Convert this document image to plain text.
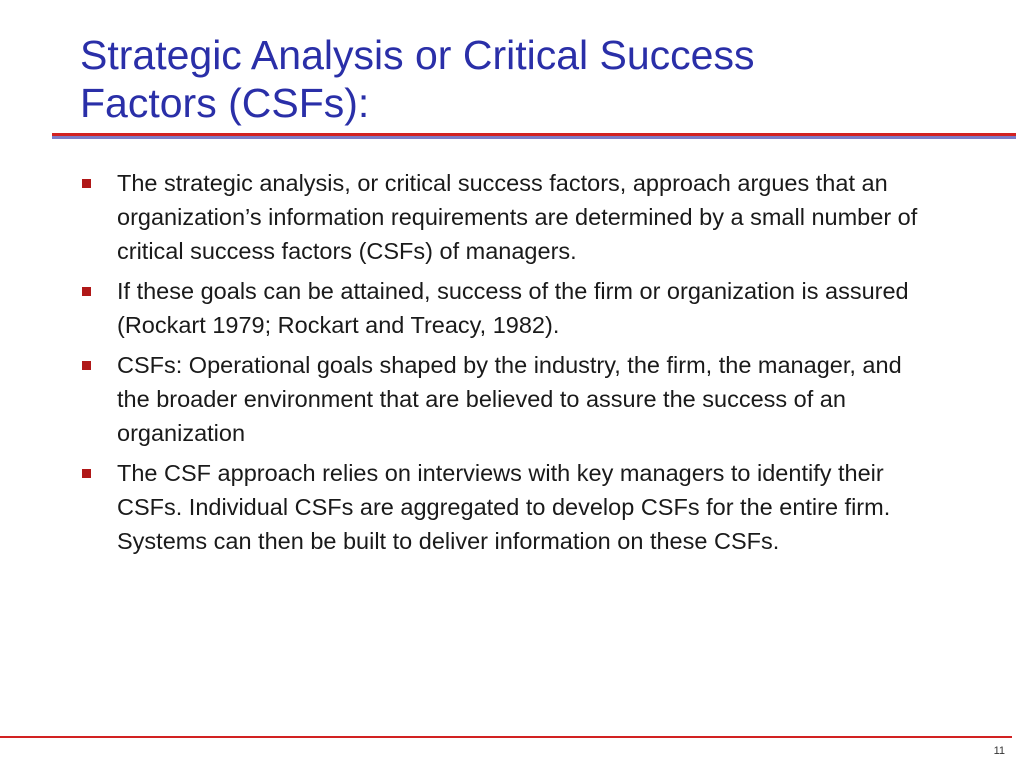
Strategic Analysis or Critical Success
Factors (CSFs):
The strategic analysis, or critical success factors, approach argues that an organization’s information requirements are determined by a small number of critical success factors (CSFs) of managers.
If these goals can be attained, success of the firm or organization is assured (Rockart 1979; Rockart and Treacy, 1982).
CSFs: Operational goals shaped by the industry, the firm, the manager, and the broader environment that are believed to assure the success of an organization
The CSF approach relies on interviews with key managers to identify their CSFs. Individual CSFs are aggregated to develop CSFs for the entire firm. Systems can then be built to deliver information on these CSFs.
11
